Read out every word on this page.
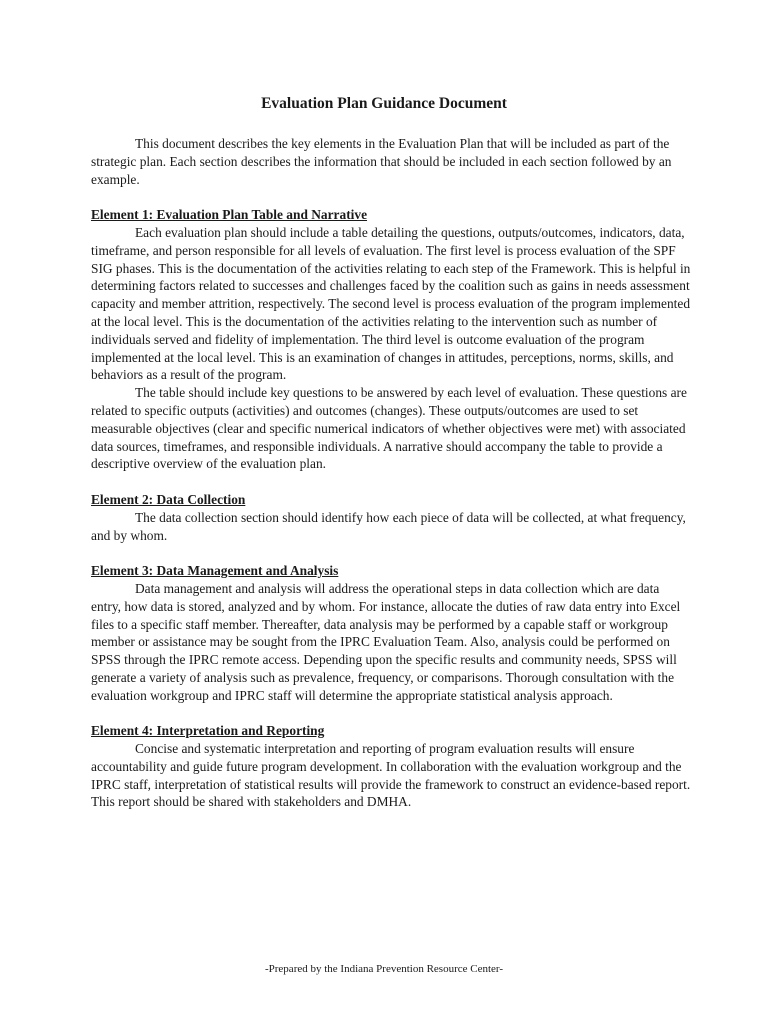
Evaluation Plan Guidance Document

This document describes the key elements in the Evaluation Plan that will be included as part of the strategic plan. Each section describes the information that should be included in each section followed by an example.

Element 1: Evaluation Plan Table and Narrative

Each evaluation plan should include a table detailing the questions, outputs/outcomes, indicators, data, timeframe, and person responsible for all levels of evaluation. The first level is process evaluation of the SPF SIG phases. This is the documentation of the activities relating to each step of the Framework. This is helpful in determining factors related to successes and challenges faced by the coalition such as gains in needs assessment capacity and member attrition, respectively. The second level is process evaluation of the program implemented at the local level. This is the documentation of the activities relating to the intervention such as number of individuals served and fidelity of implementation. The third level is outcome evaluation of the program implemented at the local level. This is an examination of changes in attitudes, perceptions, norms, skills, and behaviors as a result of the program.

The table should include key questions to be answered by each level of evaluation. These questions are related to specific outputs (activities) and outcomes (changes). These outputs/outcomes are used to set measurable objectives (clear and specific numerical indicators of whether objectives were met) with associated data sources, timeframes, and responsible individuals. A narrative should accompany the table to provide a descriptive overview of the evaluation plan.

Element 2: Data Collection

The data collection section should identify how each piece of data will be collected, at what frequency, and by whom.

Element 3: Data Management and Analysis

Data management and analysis will address the operational steps in data collection which are data entry, how data is stored, analyzed and by whom. For instance, allocate the duties of raw data entry into Excel files to a specific staff member. Thereafter, data analysis may be performed by a capable staff or workgroup member or assistance may be sought from the IPRC Evaluation Team. Also, analysis could be performed on SPSS through the IPRC remote access. Depending upon the specific results and community needs, SPSS will generate a variety of analysis such as prevalence, frequency, or comparisons. Thorough consultation with the evaluation workgroup and IPRC staff will determine the appropriate statistical analysis approach.

Element 4: Interpretation and Reporting

Concise and systematic interpretation and reporting of program evaluation results will ensure accountability and guide future program development. In collaboration with the evaluation workgroup and the IPRC staff, interpretation of statistical results will provide the framework to construct an evidence-based report. This report should be shared with stakeholders and DMHA.

-Prepared by the Indiana Prevention Resource Center-
